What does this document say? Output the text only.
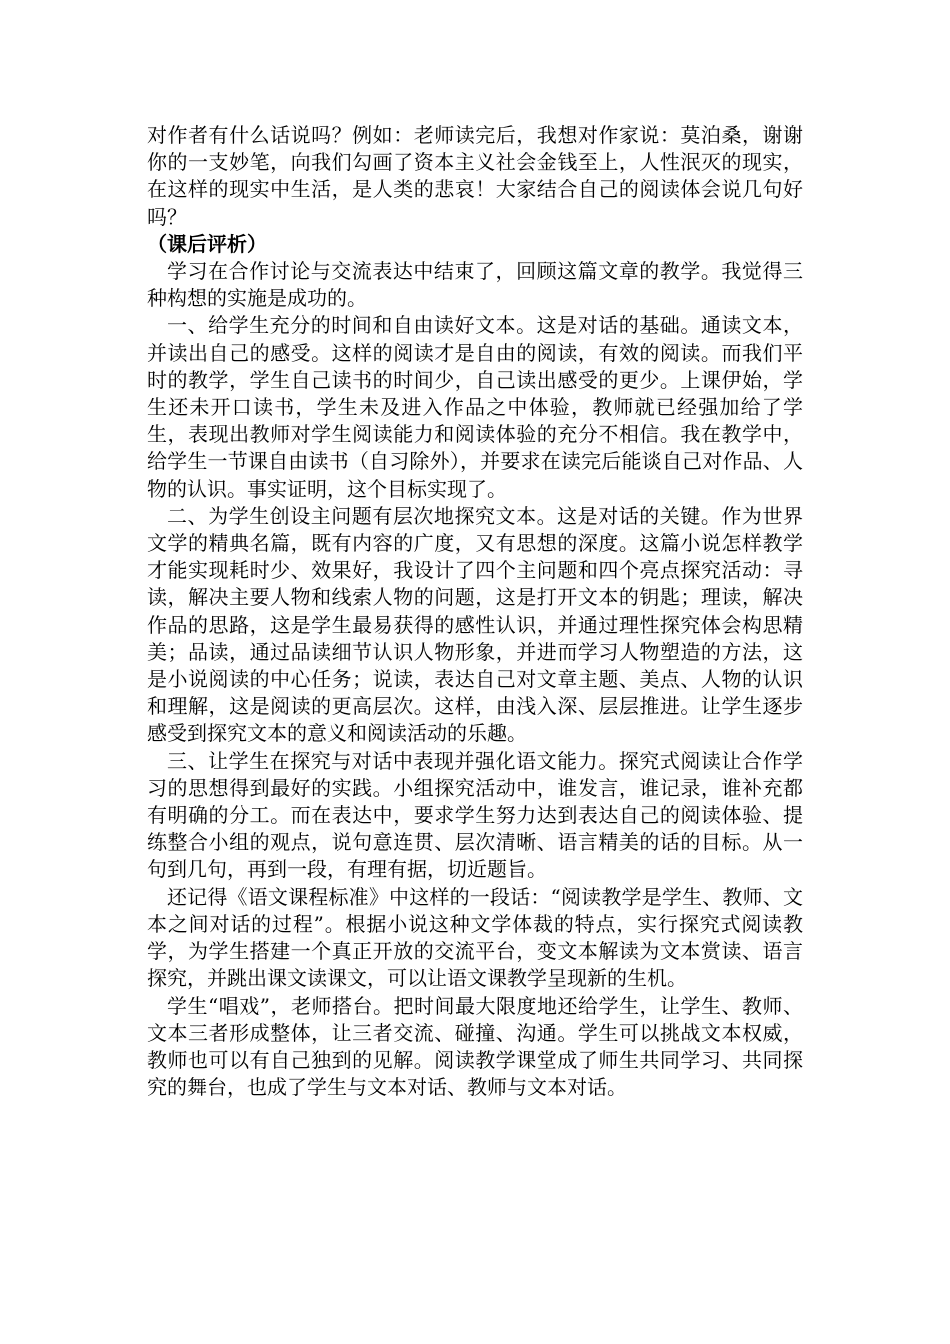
对作者有什么话说吗？例如：老师读完后，我想对作家说：莫泊桑，谢谢你的一支妙笔，向我们勾画了资本主义社会金钱至上，人性泯灭的现实，在这样的现实中生活，是人类的悲哀！大家结合自己的阅读体会说几句好吗？

（课后评析）

学习在合作讨论与交流表达中结束了，回顾这篇文章的教学。我觉得三种构想的实施是成功的。

一、给学生充分的时间和自由读好文本。这是对话的基础。通读文本，并读出自己的感受。这样的阅读才是自由的阅读，有效的阅读。而我们平时的教学，学生自己读书的时间少，自己读出感受的更少。上课伊始，学生还未开口读书，学生未及进入作品之中体验，教师就已经强加给了学生，表现出教师对学生阅读能力和阅读体验的充分不相信。我在教学中，给学生一节课自由读书（自习除外），并要求在读完后能谈自己对作品、人物的认识。事实证明，这个目标实现了。

二、为学生创设主问题有层次地探究文本。这是对话的关键。作为世界文学的精典名篇，既有内容的广度，又有思想的深度。这篇小说怎样教学才能实现耗时少、效果好，我设计了四个主问题和四个亮点探究活动：寻读，解决主要人物和线索人物的问题，这是打开文本的钥匙；理读，解决作品的思路，这是学生最易获得的感性认识，并通过理性探究体会构思精美；品读，通过品读细节认识人物形象，并进而学习人物塑造的方法，这是小说阅读的中心任务；说读，表达自己对文章主题、美点、人物的认识和理解，这是阅读的更高层次。这样，由浅入深、层层推进。让学生逐步感受到探究文本的意义和阅读活动的乐趣。

三、让学生在探究与对话中表现并强化语文能力。探究式阅读让合作学习的思想得到最好的实践。小组探究活动中，谁发言，谁记录，谁补充都有明确的分工。而在表达中，要求学生努力达到表达自己的阅读体验、提练整合小组的观点，说句意连贯、层次清晰、语言精美的话的目标。从一句到几句，再到一段，有理有据，切近题旨。

还记得《语文课程标准》中这样的一段话：“阅读教学是学生、教师、文本之间对话的过程”。根据小说这种文学体裁的特点，实行探究式阅读教学，为学生搭建一个真正开放的交流平台，变文本解读为文本赏读、语言探究，并跳出课文读课文，可以让语文课教学呈现新的生机。

学生“唱戏”，老师搭台。把时间最大限度地还给学生，让学生、教师、文本三者形成整体，让三者交流、碰撞、沟通。学生可以挑战文本权威，教师也可以有自己独到的见解。阅读教学课堂成了师生共同学习、共同探究的舞台，也成了学生与文本对话、教师与文本对话。
